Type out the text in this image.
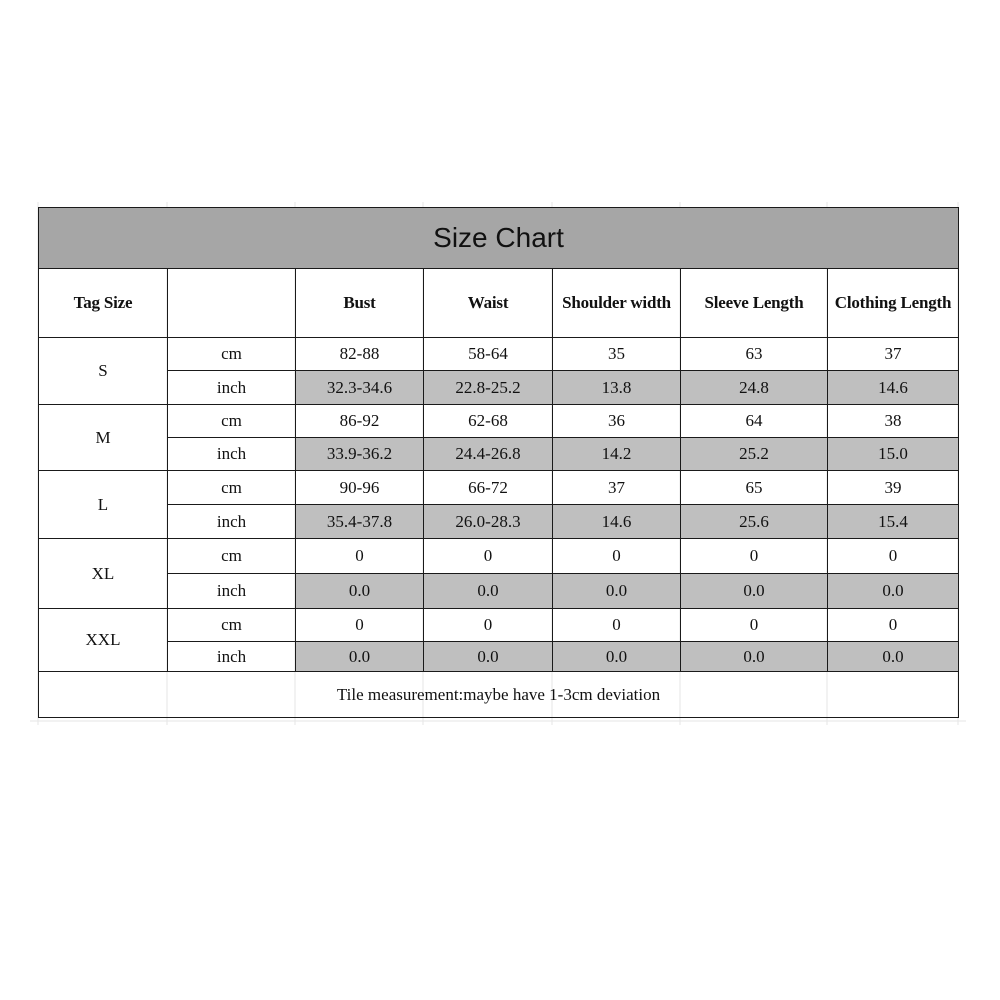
Size Chart						
Tag Size		Bust	Waist	Shoulder width	Sleeve Length	Clothing Length
S	cm	82-88	58-64	35	63	37
	inch	32.3-34.6	22.8-25.2	13.8	24.8	14.6
M	cm	86-92	62-68	36	64	38
	inch	33.9-36.2	24.4-26.8	14.2	25.2	15.0
L	cm	90-96	66-72	37	65	39
	inch	35.4-37.8	26.0-28.3	14.6	25.6	15.4
XL	cm	0	0	0	0	0
	inch	0.0	0.0	0.0	0.0	0.0
XXL	cm	0	0	0	0	0
	inch	0.0	0.0	0.0	0.0	0.0
Tile measurement:maybe have 1-3cm deviation						
